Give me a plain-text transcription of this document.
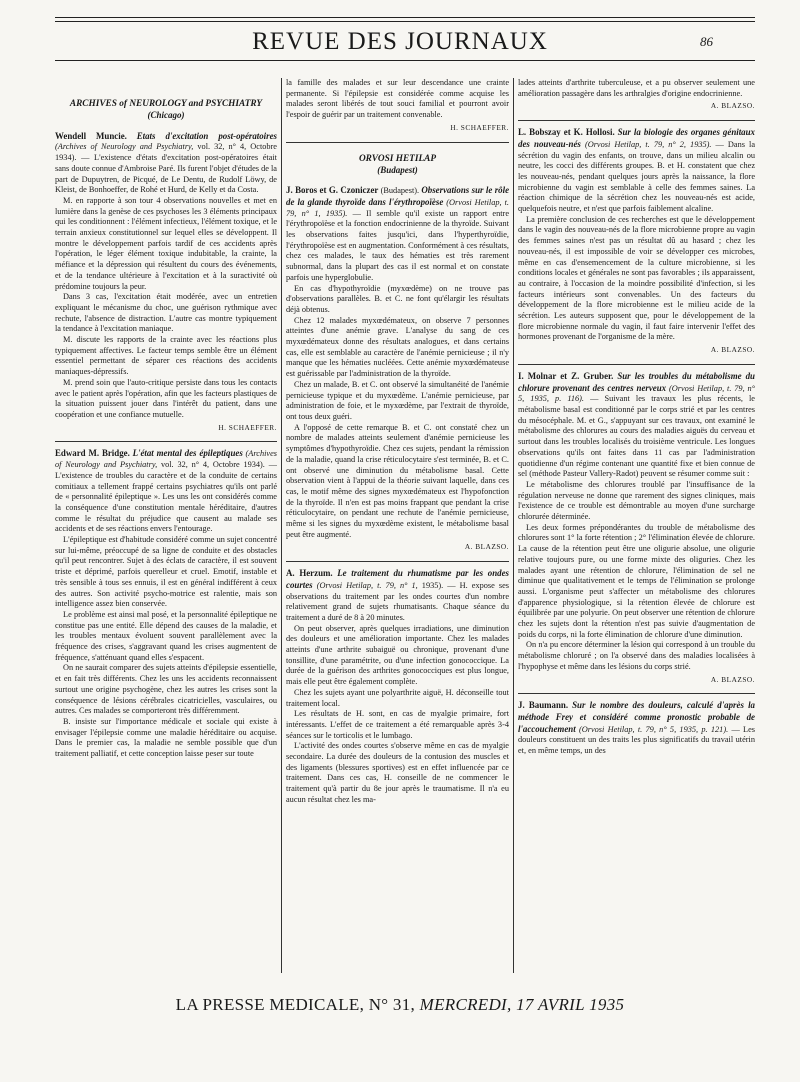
REVUE DES JOURNAUX	86
ARCHIVES of NEUROLOGY and PSYCHIATRY
(Chicago)

Wendell Muncie. Etats d'excitation post-opératoires (Archives of Neurology and Psychiatry, vol. 32, n° 4, Octobre 1934). — L'existence d'états d'excitation post-opératoires était sans doute connue d'Ambroise Paré. Ils furent l'objet d'études de la part de Dupuytren, de Picqué, de Le Dentu, de Rudolf Löwy, de Kleist, de Bonhoeffer, de Rohé et Hurd, de Kelly et da Costa.

M. en rapporte à son tour 4 observations nouvelles et met en lumière dans la genèse de ces psychoses les 3 éléments principaux qui les conditionnent : l'élément infectieux, l'élément toxique, et le terrain anxieux constitutionnel sur lequel elles se développent. Il montre le développement parfois tardif de ces accidents après l'opération, le léger élément toxique indubitable, la crainte, la méfiance et la dépression qui résultent du cours des événements, et de la tendance ultérieure à l'excitation et à la suractivité où prédomine toujours la peur.

Dans 3 cas, l'excitation était modérée, avec un entretien expliquant le mécanisme du choc, une guérison rythmique avec rechute, l'absence de distraction. L'autre cas montre typiquement la tendance à l'excitation maniaque.

M. discute les rapports de la crainte avec les réactions plus typiquement affectives. Le facteur temps semble être un élément essentiel permettant de séparer ces réactions des accidents maniaques-dépressifs.

M. prend soin que l'auto-critique persiste dans tous les contacts avec le patient après l'opération, afin que les facteurs plastiques de la situation puissent jouer dans l'intérêt du patient, dans une coopération et une confiance mutuelle.

H. SCHAEFFER.

Edward M. Bridge. L'état mental des épileptiques (Archives of Neurology and Psychiatry, vol. 32, n° 4, Octobre 1934). — L'existence de troubles du caractère et de la conduite de certains comitiaux a tellement frappé certains psychiatres qu'ils ont parlé de « personnalité épileptique ». Les uns les ont considérés comme la conséquence d'une constitution mentale héréditaire, d'autres comme le résultat du préjudice que causent au malade ses accidents et de ses réactions envers l'entourage.

L'épileptique est d'habitude considéré comme un sujet concentré sur lui-même, préoccupé de sa ligne de conduite et des obstacles qu'il peut rencontrer. Sujet à des éclats de caractère, il est souvent triste et déprimé, parfois querelleur et cruel. Emotif, instable et très sensible à tous ses ennuis, il est en général indifférent à ceux des autres. Son activité psycho-motrice est ralentie, mais son intelligence assez bien conservée.

Le problème est ainsi mal posé, et la personnalité épileptique ne constitue pas une entité. Elle dépend des causes de la maladie, et les troubles mentaux évoluent souvent parallèlement avec la fréquence des crises, s'aggravant quand les crises augmentent de fréquence, s'atténuant quand elles s'espacent.

On ne saurait comparer des sujets atteints d'épilepsie essentielle, et en fait très différents. Chez les uns les accidents reconnaissent surtout une origine psychogène, chez les autres les crises sont la conséquence de lésions cérébrales cicatricielles, vasculaires, ou autres. Ces malades se comporteront très différemment.

B. insiste sur l'importance médicale et sociale qui existe à envisager l'épilepsie comme une maladie héréditaire ou acquise. Dans le premier cas, la maladie ne semble possible que d'un traitement palliatif, et cette conception laisse peser sur toute

la famille des malades et sur leur descendance une crainte permanente. Si l'épilepsie est considérée comme acquise les malades seront libérés de tout souci familial et pourront avoir l'espoir de guérir par un traitement convenable.

H. SCHAEFFER.
ORVOSI HETILAP
(Budapest)

J. Boros et G. Czoniczer (Budapest). Observations sur le rôle de la glande thyroïde dans l'érythropoïèse (Orvosi Hetilap, t. 79, n° 1, 1935). — Il semble qu'il existe un rapport entre l'érythropoïèse et la fonction endocrinienne de la thyroïde. Suivant les observations faites jusqu'ici, dans l'hyperthyroïdie, l'érythropoïèse est en augmentation. Conformément à ces résultats, chez ces malades, le taux des hématies est très rarement subnormal, dans la plupart des cas il est normal et on constate parfois une hyperglobulie.

En cas d'hypothyroïdie (myxœdème) on ne trouve pas d'observations parallèles. B. et C. ne font qu'élargir les résultats déjà obtenus.

Chez 12 malades myxœdémateux, on observe 7 personnes atteintes d'une anémie grave. L'analyse du sang de ces myxœdémateux donne des résultats analogues, et dans certains cas, elle est semblable au caractère de l'anémie pernicieuse ; il n'y manque que les hématies nucléées. Cette anémie myxœdémateuse est guérissable par l'administration de la thyroïde.

Chez un malade, B. et C. ont observé la simultanéité de l'anémie pernicieuse typique et du myxœdème. L'anémie pernicieuse, par administration de foie, et le myxœdème, par l'extrait de thyroïde, ont tous deux guéri.

A l'opposé de cette remarque B. et C. ont constaté chez un nombre de malades atteints seulement d'anémie pernicieuse les symptômes d'hypothyroïdie. Chez ces sujets, pendant la rémission de la maladie, quand la crise réticulocytaire s'est terminée, B. et C. ont observé une diminution du métabolisme basal. Cette observation vient à l'appui de la théorie suivant laquelle, dans ces cas, le motif même des signes myxœdémateux est l'hypofonction de la thyroïde. Il n'en est pas moins frappant que pendant la crise réticulocytaire, on pendant une rechute de l'anémie pernicieuse, même si les signes du myxœdème existent, le métabolisme basal peut être augmenté.

A. BLAZSO.

A. Herzum. Le traitement du rhumatisme par les ondes courtes (Orvosi Hetilap, t. 79, n° 1, 1935). — H. expose ses observations du traitement par les ondes courtes d'un nombre relativement grand de sujets rhumatisants. Chaque séance du traitement a duré de 8 à 20 minutes.

On peut observer, après quelques irradiations, une diminution des douleurs et une amélioration importante. Chez les malades atteints d'une arthrite subaiguë ou chronique, provenant d'une tonsillite, d'une paramétrite, ou d'une infection gonococcique. La durée de la guérison des arthrites gonococciques est plus longue, mais elle peut être également complète.

Chez les sujets ayant une polyarthrite aiguë, H. déconseille tout traitement local.

Les résultats de H. sont, en cas de myalgie primaire, fort intéressants. L'effet de ce traitement a été remarquable après 3-4 séances sur le torticolis et le lumbago.

L'activité des ondes courtes s'observe même en cas de myalgie secondaire. La durée des douleurs de la contusion des muscles et des ligaments (blessures sportives) est en effet influencée par ce traitement. Dans ces cas, H. conseille de ne commencer le traitement qu'à partir du 8e jour après le traumatisme. Il n'a eu aucun résultat chez les ma-

lades atteints d'arthrite tuberculeuse, et a pu observer seulement une amélioration passagère dans les arthralgies d'origine endocrinienne.

A. BLAZSO.

L. Bobszay et K. Hollosi. Sur la biologie des organes génitaux des nouveau-nés (Orvosi Hetilap, t. 79, n° 2, 1935). — Dans la sécrétion du vagin des enfants, on trouve, dans un milieu alcalin ou neutre, les cocci des différents groupes. B. et H. constatent que chez les nouveau-nés, pendant quelques jours après la naissance, la flore microbienne du vagin est semblable à celle des femmes saines. La réaction chimique de la sécrétion chez les nouveau-nés est acide, quelquefois neutre, et n'est que parfois faiblement alcaline.

La première conclusion de ces recherches est que le développement dans le vagin des nouveau-nés de la flore microbienne propre au vagin des femmes saines n'est pas un résultat dû au hasard ; chez les nouveau-nés, il est impossible de voir se développer ces microbes, même en cas d'ensemencement de la culture microbienne, si les conditions locales et générales ne sont pas favorables ; ils apparaissent, au contraire, à l'occasion de la moindre possibilité d'infection, si les facteurs intérieurs sont convenables. Un des facteurs du développement de la flore microbienne est le milieu acide de la sécrétion. Les auteurs supposent que, pour le développement de la flore microbienne normale du vagin, il faut faire intervenir l'effet des hormones provenant de l'organisme de la mère.

A. BLAZSO.

I. Molnar et Z. Gruber. Sur les troubles du métabolisme du chlorure provenant des centres nerveux (Orvosi Hetilap, t. 79, n° 5, 1935, p. 116). — Suivant les travaux les plus récents, le métabolisme basal est conditionné par le corps strié et par les centres du mésocéphale. M. et G., s'appuyant sur ces travaux, ont examiné le métabolisme des chlorures au cours des maladies aiguës du cerveau et surtout dans les troubles localisés du troisième ventricule. Les longues observations qu'ils ont faites dans 11 cas par l'administration quotidienne d'un régime contenant une quantité fixe et bien connue de sel (méthode Pasteur Vallery-Radot) peuvent se résumer comme suit :

Le métabolisme des chlorures troublé par l'insuffisance de la régulation nerveuse ne donne que rarement des signes cliniques, mais l'existence de ce trouble est démontrable au moyen d'une surcharge chlorurée déterminée.

Les deux formes prépondérantes du trouble de métabolisme des chlorures sont 1° la forte rétention ; 2° l'élimination élevée de chlorure. La cause de la rétention peut être une oligurie absolue, une oligurie relative toujours pure, ou une forme mixte des oliguries. Chez les malades ayant une rétention de chlorure, l'élimination de sel ne diminue que qualitativement et le temps de l'élimination se prolonge aussi. L'organisme peut s'affecter un métabolisme des chlorures d'apparence physiologique, si la rétention élevée de chlorure est équilibrée par une polyurie. On peut observer une rétention de chlorure chez les sujets dont la rétention n'est pas suivie d'augmentation de poids du corps, ni la forte élimination de chlorure d'une diminution.

On n'a pu encore déterminer la lésion qui correspond à un trouble du métabolisme chloruré ; on l'a observé dans des maladies localisées à l'hypophyse et même dans les lésions du corps strié.

A. BLAZSO.

J. Baumann. Sur le nombre des douleurs, calculé d'après la méthode Frey et considéré comme pronostic probable de l'accouchement (Orvosi Hetilap, t. 79, n° 5, 1935, p. 121). — Les douleurs constituent un des traits les plus significatifs du travail utérin et, en même temps, un des

LA PRESSE MEDICALE, N° 31, MERCREDI, 17 AVRIL 1935
